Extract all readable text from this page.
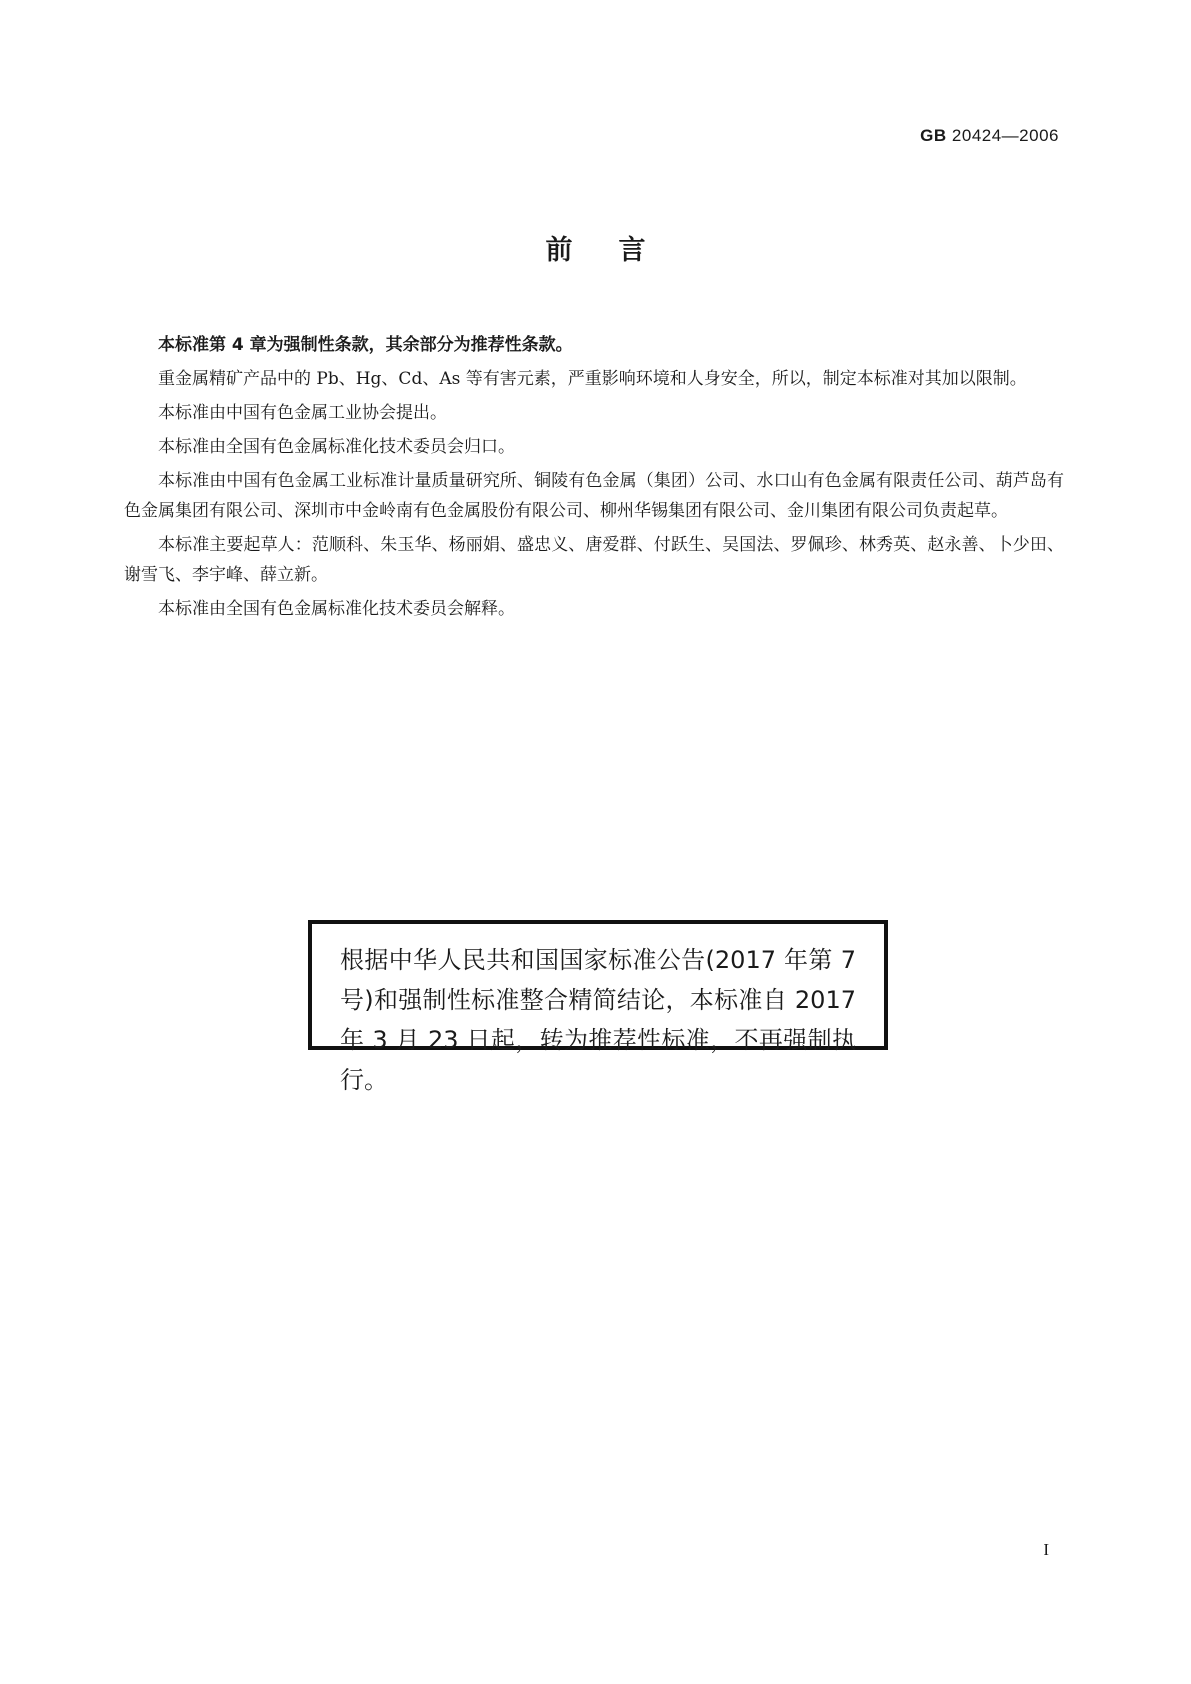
GB 20424—2006
前言

本标准第 4 章为强制性条款，其余部分为推荐性条款。

重金属精矿产品中的 Pb、Hg、Cd、As 等有害元素，严重影响环境和人身安全，所以，制定本标准对其加以限制。

本标准由中国有色金属工业协会提出。

本标准由全国有色金属标准化技术委员会归口。

本标准由中国有色金属工业标准计量质量研究所、铜陵有色金属（集团）公司、水口山有色金属有限责任公司、葫芦岛有色金属集团有限公司、深圳市中金岭南有色金属股份有限公司、柳州华锡集团有限公司、金川集团有限公司负责起草。

本标准主要起草人：范顺科、朱玉华、杨丽娟、盛忠义、唐爱群、付跃生、吴国法、罗佩珍、林秀英、赵永善、卜少田、谢雪飞、李宇峰、薛立新。

本标准由全国有色金属标准化技术委员会解释。

根据中华人民共和国国家标准公告(2017 年第 7 号)和强制性标准整合精简结论，本标准自 2017 年 3 月 23 日起，转为推荐性标准，不再强制执行。
I
